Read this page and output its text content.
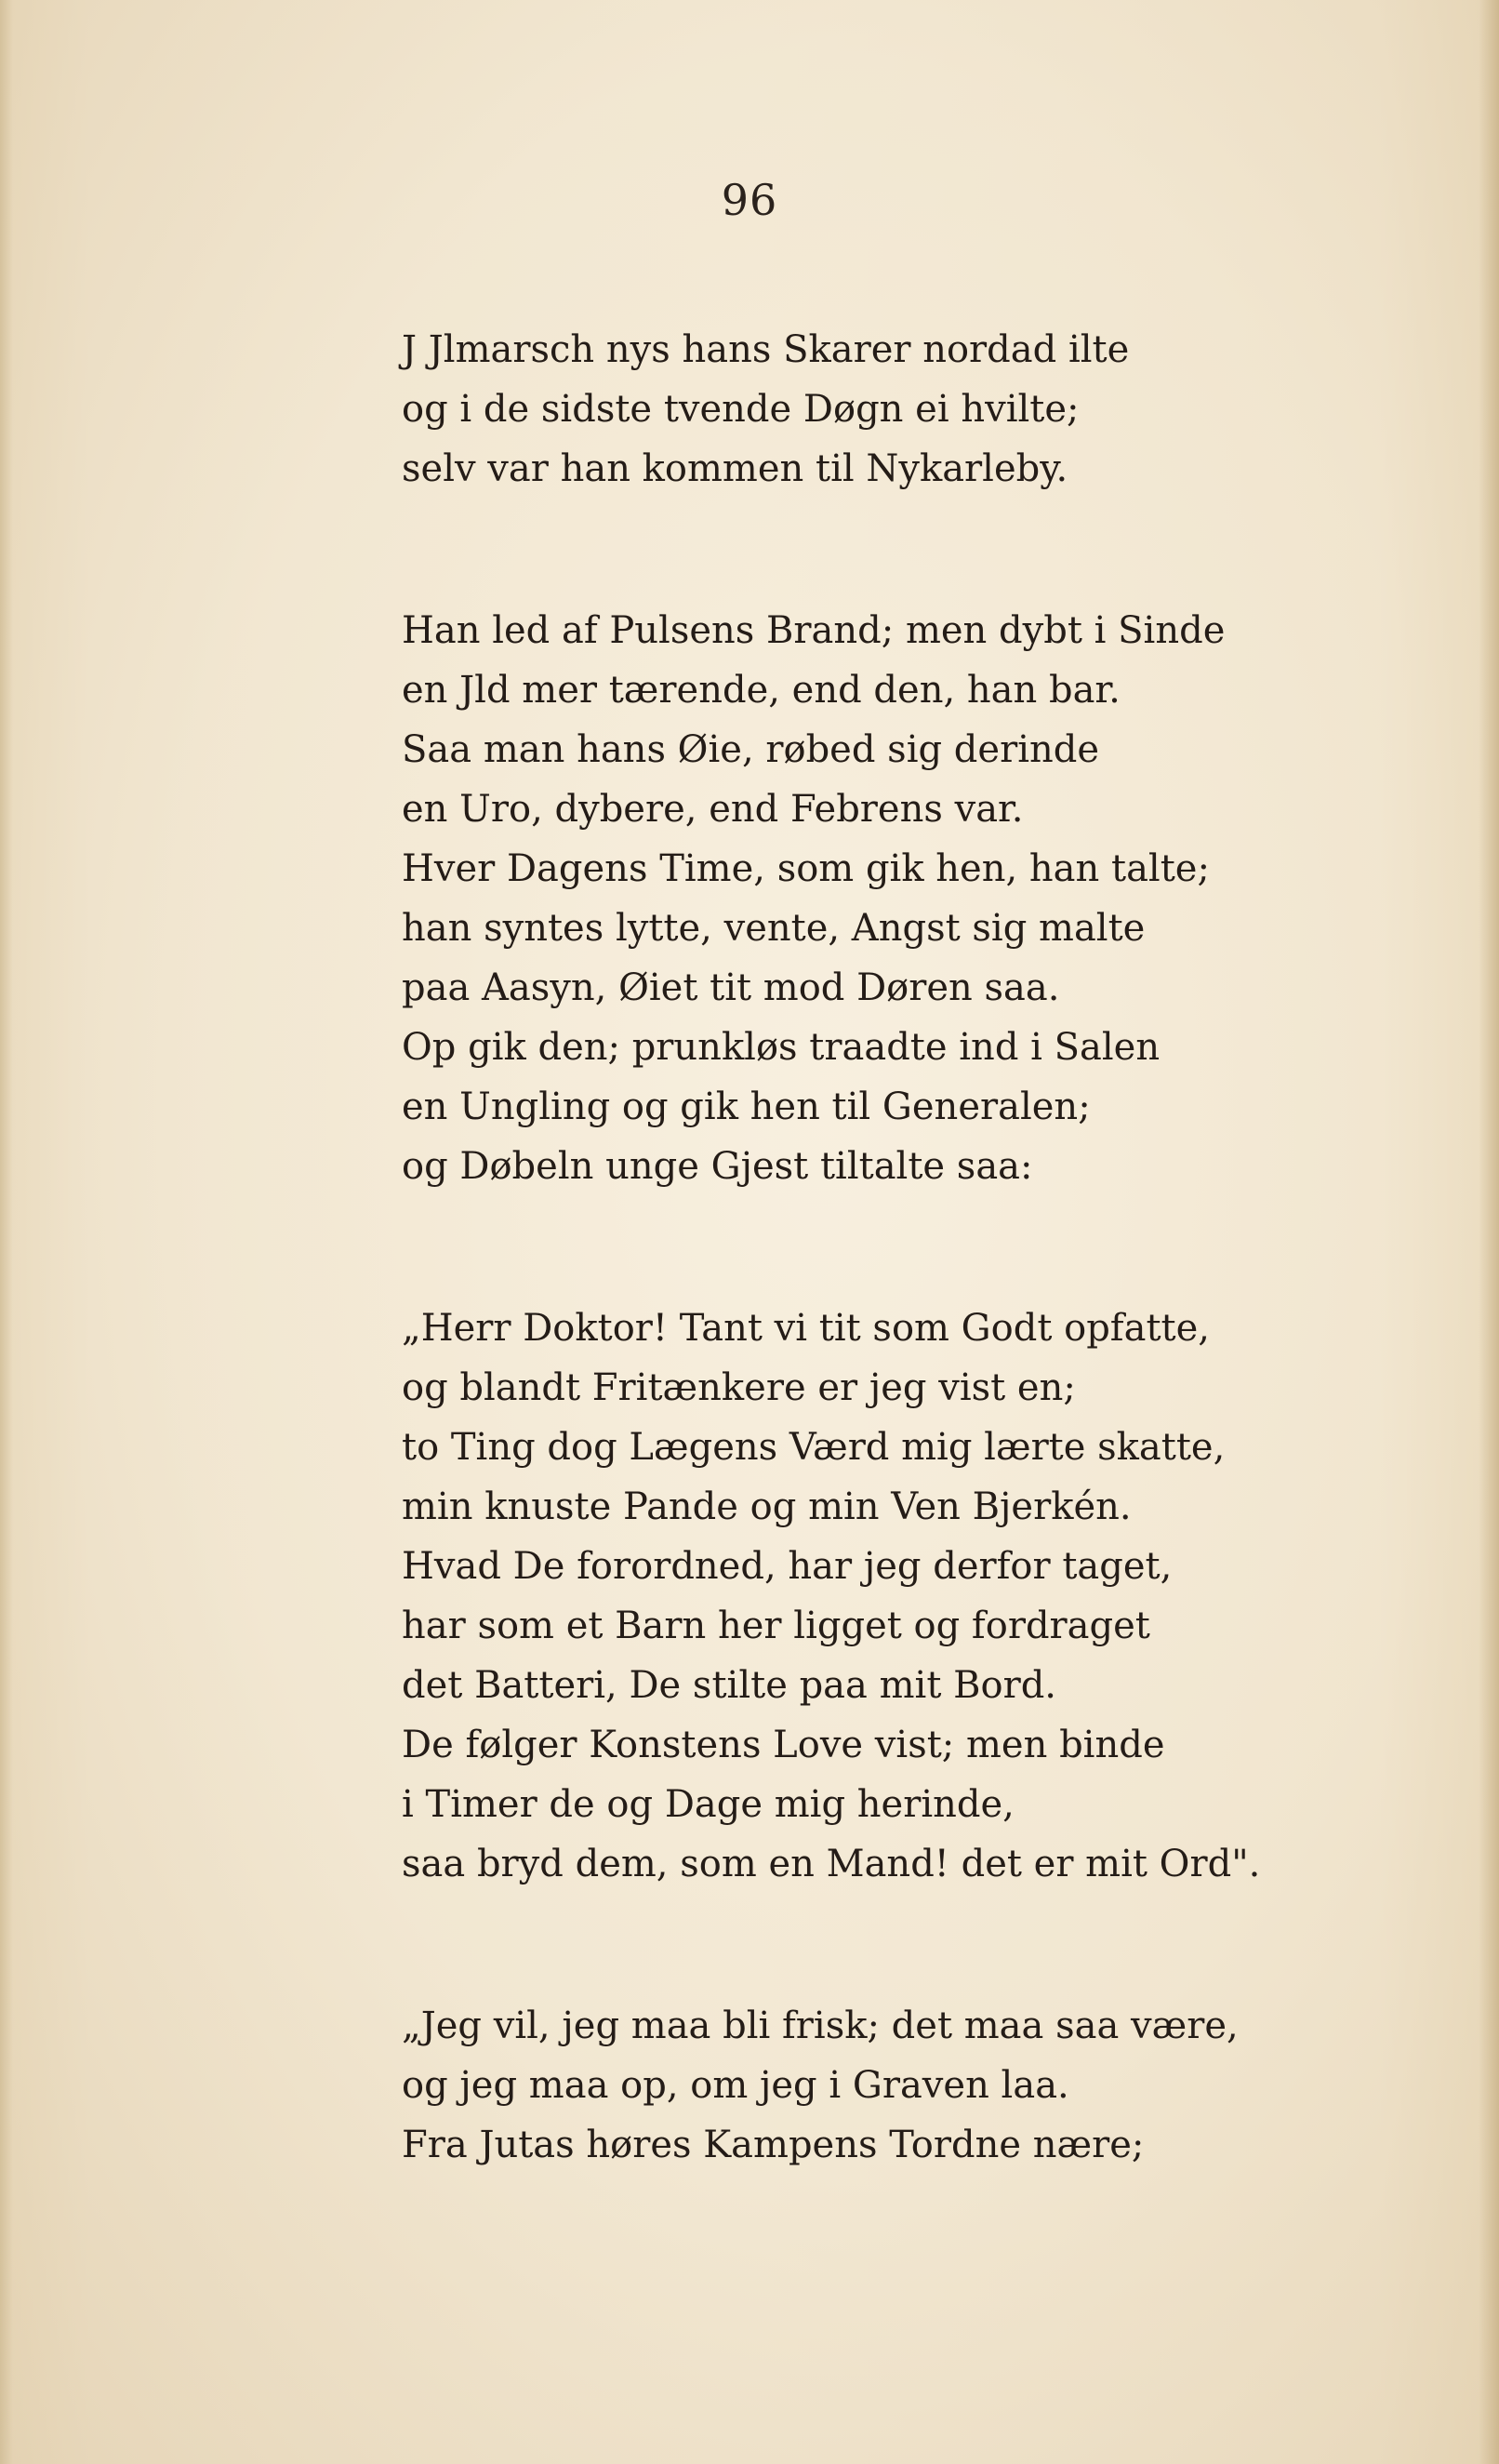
96
J Jlmarsch nys hans Skarer nordad ilte
og i de sidste tvende Døgn ei hvilte;
selv var han kommen til Nykarleby.
Han led af Pulsens Brand; men dybt i Sinde
en Jld mer tærende, end den, han bar.
Saa man hans Øie, røbed sig derinde
en Uro, dybere, end Febrens var.
Hver Dagens Time, som gik hen, han talte;
han syntes lytte, vente, Angst sig malte
paa Aasyn, Øiet tit mod Døren saa.
Op gik den; prunkløs traadte ind i Salen
en Ungling og gik hen til Generalen;
og Døbeln unge Gjest tiltalte saa:
„Herr Doktor! Tant vi tit som Godt opfatte,
og blandt Fritænkere er jeg vist en;
to Ting dog Lægens Værd mig lærte skatte,
min knuste Pande og min Ven Bjerkén.
Hvad De forordned, har jeg derfor taget,
har som et Barn her ligget og fordraget
det Batteri, De stilte paa mit Bord.
De følger Konstens Love vist; men binde
i Timer de og Dage mig herinde,
saa bryd dem, som en Mand! det er mit Ord".
„Jeg vil, jeg maa bli frisk; det maa saa være,
og jeg maa op, om jeg i Graven laa.
Fra Jutas høres Kampens Tordne nære;
